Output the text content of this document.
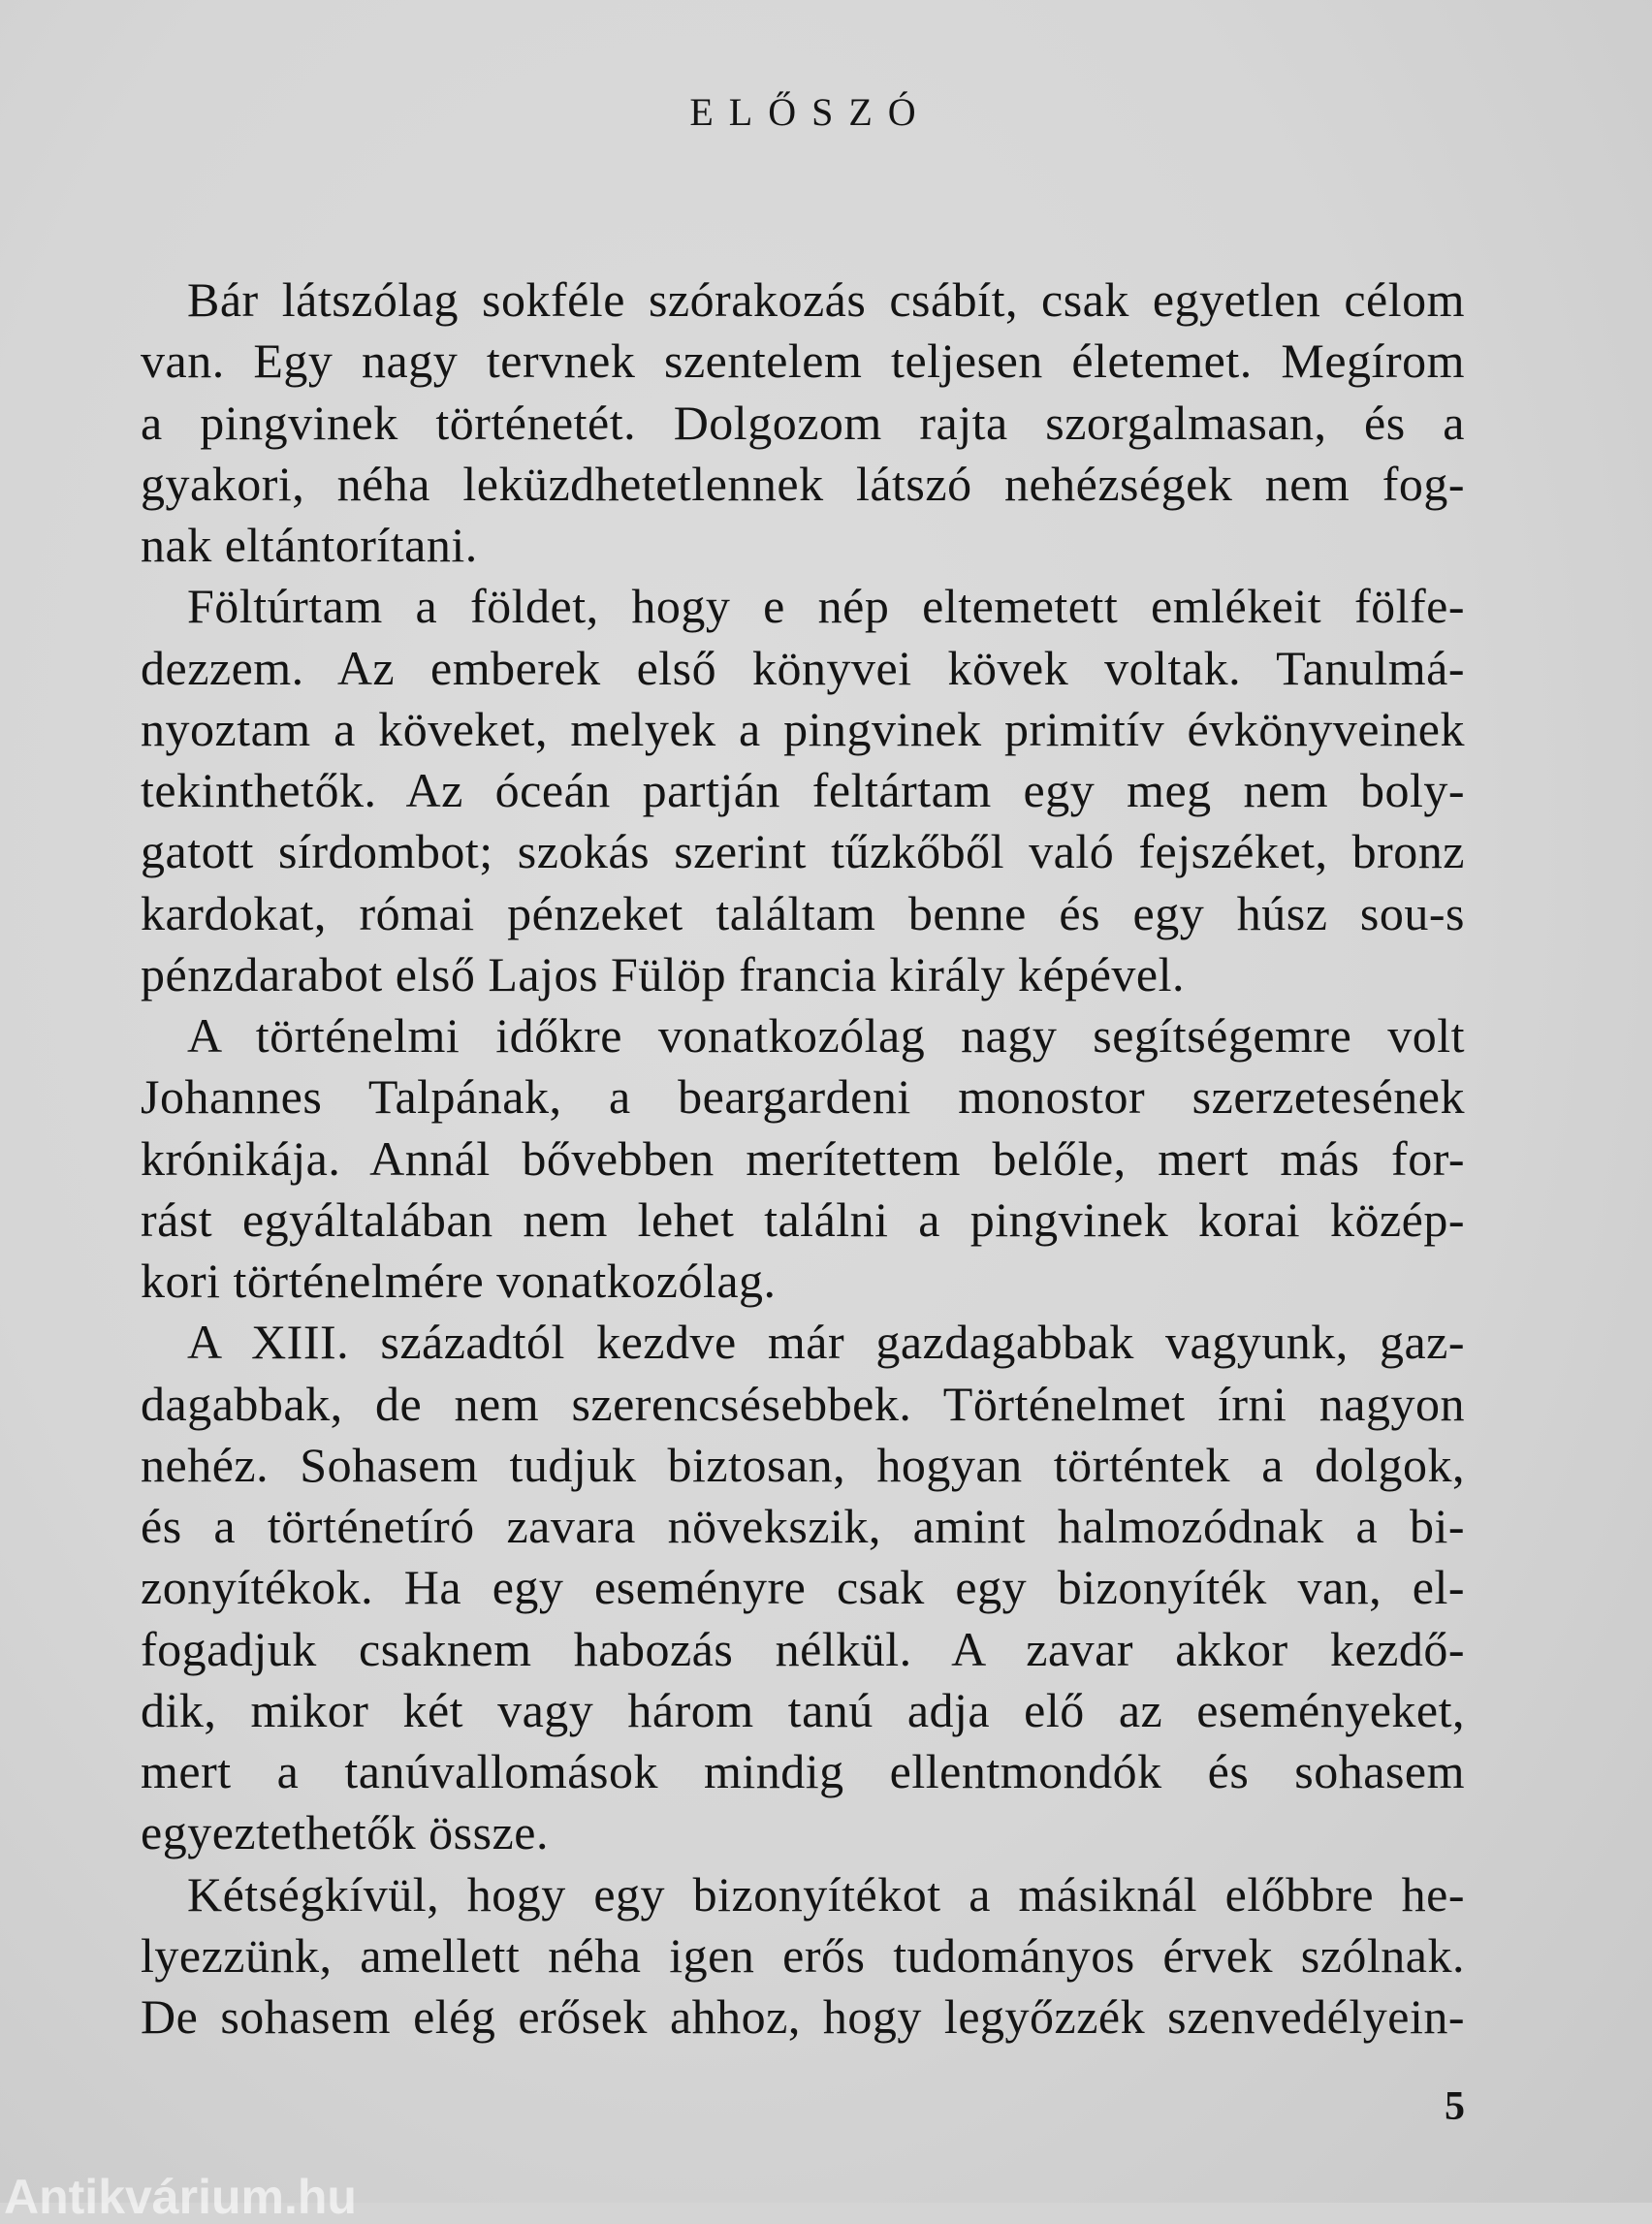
ELŐSZÓ
Bár látszólag sokféle szórakozás csábít, csak egyetlen célom
van. Egy nagy tervnek szentelem teljesen életemet. Megírom
a pingvinek történetét. Dolgozom rajta szorgalmasan, és a
gyakori, néha leküzdhetetlennek látszó nehézségek nem fog-
nak eltántorítani.
Föltúrtam a földet, hogy e nép eltemetett emlékeit fölfe-
dezzem. Az emberek első könyvei kövek voltak. Tanulmá-
nyoztam a köveket, melyek a pingvinek primitív évkönyveinek
tekinthetők. Az óceán partján feltártam egy meg nem boly-
gatott sírdombot; szokás szerint tűzkőből való fejszéket, bronz
kardokat, római pénzeket találtam benne és egy húsz sou-s
pénzdarabot első Lajos Fülöp francia király képével.
A történelmi időkre vonatkozólag nagy segítségemre volt
Johannes Talpának, a beargardeni monostor szerzetesének
krónikája. Annál bővebben merítettem belőle, mert más for-
rást egyáltalában nem lehet találni a pingvinek korai közép-
kori történelmére vonatkozólag.
A XIII. századtól kezdve már gazdagabbak vagyunk, gaz-
dagabbak, de nem szerencsésebbek. Történelmet írni nagyon
nehéz. Sohasem tudjuk biztosan, hogyan történtek a dolgok,
és a történetíró zavara növekszik, amint halmozódnak a bi-
zonyítékok. Ha egy eseményre csak egy bizonyíték van, el-
fogadjuk csaknem habozás nélkül. A zavar akkor kezdő-
dik, mikor két vagy három tanú adja elő az eseményeket,
mert a tanúvallomások mindig ellentmondók és sohasem
egyeztethetők össze.
Kétségkívül, hogy egy bizonyítékot a másiknál előbbre he-
lyezzünk, amellett néha igen erős tudományos érvek szólnak.
De sohasem elég erősek ahhoz, hogy legyőzzék szenvedélyein-
5
Antikvárium.hu
